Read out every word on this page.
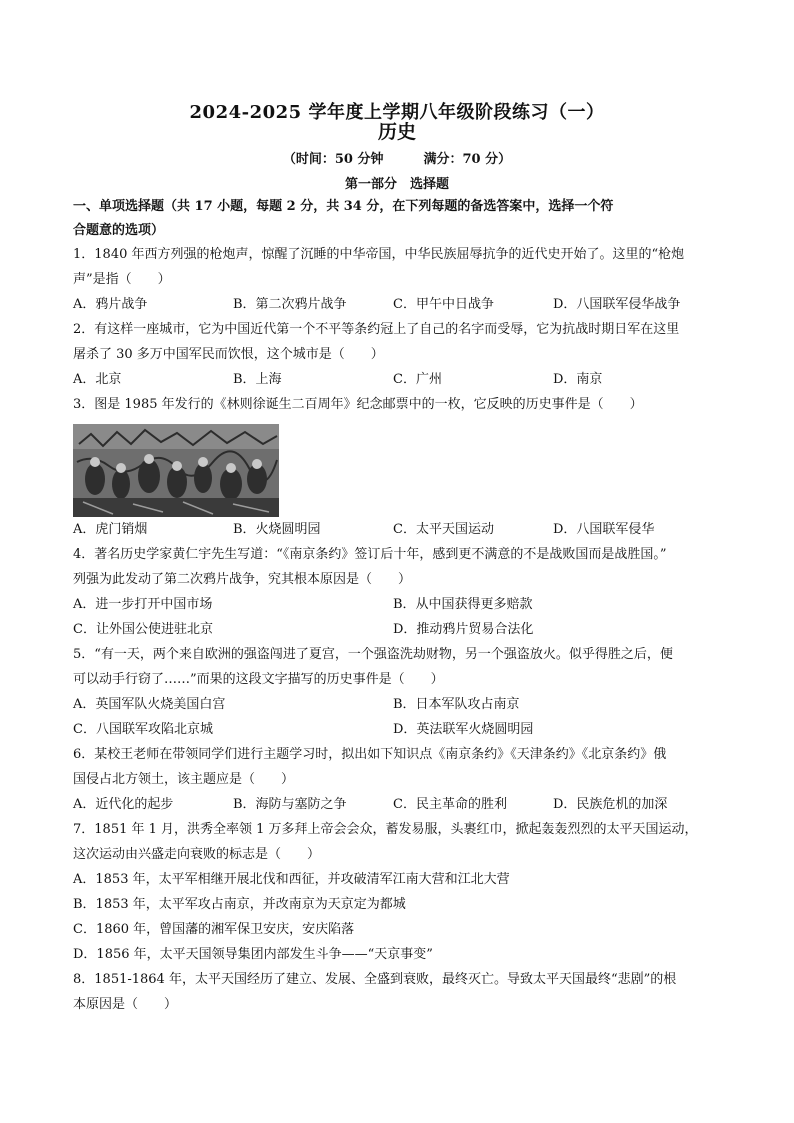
2024-2025 学年度上学期八年级阶段练习（一）
历史
（时间：50 分钟	满分：70 分）
第一部分　选择题
一、单项选择题（共 17 小题，每题 2 分，共 34 分，在下列每题的备选答案中，选择一个符
合题意的选项）
1．1840 年西方列强的枪炮声，惊醒了沉睡的中华帝国，中华民族屈辱抗争的近代史开始了。这里的“枪炮
声”是指（　　）
A．鸦片战争	B．第二次鸦片战争	C．甲午中日战争	D．八国联军侵华战争
2．有这样一座城市，它为中国近代第一个不平等条约冠上了自己的名字而受辱，它为抗战时期日军在这里
屠杀了 30 多万中国军民而饮恨，这个城市是（　　）
A．北京	B．上海	C．广州	D．南京
3．图是 1985 年发行的《林则徐诞生二百周年》纪念邮票中的一枚，它反映的历史事件是（　　）
A．虎门销烟	B．火烧圆明园	C．太平天国运动	D．八国联军侵华
4．著名历史学家黄仁宇先生写道：“《南京条约》签订后十年，感到更不满意的不是战败国而是战胜国。”
列强为此发动了第二次鸦片战争，究其根本原因是（　　）
A．进一步打开中国市场	B．从中国获得更多赔款
C．让外国公使进驻北京	D．推动鸦片贸易合法化
5．“有一天，两个来自欧洲的强盗闯进了夏宫，一个强盗洗劫财物，另一个强盗放火。似乎得胜之后，便
可以动手行窃了……”而果的这段文字描写的历史事件是（　　）
A．英国军队火烧美国白宫	B．日本军队攻占南京
C．八国联军攻陷北京城	D．英法联军火烧圆明园
6．某校王老师在带领同学们进行主题学习时，拟出如下知识点《南京条约》《天津条约》《北京条约》俄
国侵占北方领土，该主题应是（　　）
A．近代化的起步	B．海防与塞防之争	C．民主革命的胜利	D．民族危机的加深
7．1851 年 1 月，洪秀全率领 1 万多拜上帝会会众，蓄发易服，头裹红巾，掀起轰轰烈烈的太平天国运动，
这次运动由兴盛走向衰败的标志是（　　）
A．1853 年，太平军相继开展北伐和西征，并攻破清军江南大营和江北大营
B．1853 年，太平军攻占南京，并改南京为天京定为都城
C．1860 年，曾国藩的湘军保卫安庆，安庆陷落
D．1856 年，太平天国领导集团内部发生斗争——“天京事变”
8．1851-1864 年，太平天国经历了建立、发展、全盛到衰败，最终灭亡。导致太平天国最终“悲剧”的根
本原因是（　　）
